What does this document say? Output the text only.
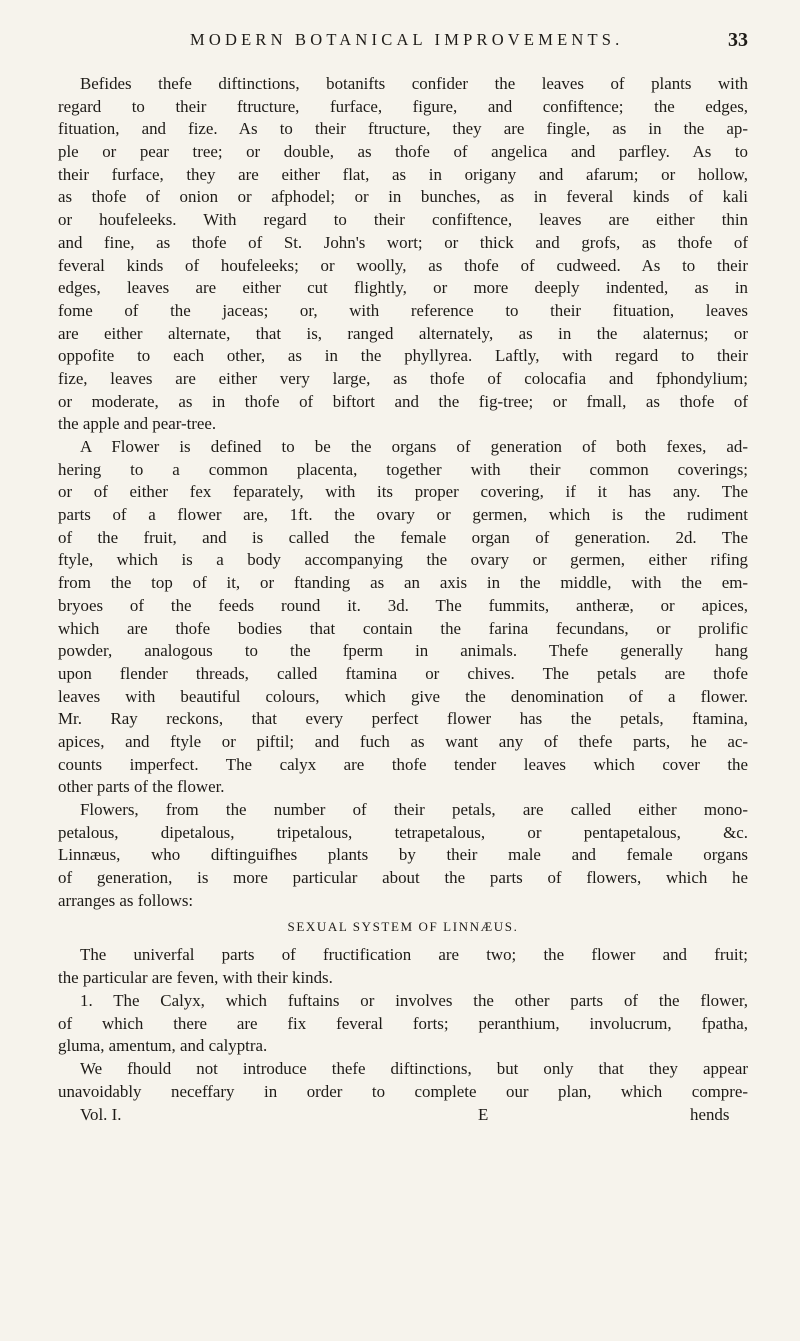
MODERN BOTANICAL IMPROVEMENTS.	33
Befides thefe diftinctions, botanifts confider the leaves of plants with
regard to their ftructure, furface, figure, and confiftence; the edges,
fituation, and fize. As to their ftructure, they are fingle, as in the ap-
ple or pear tree; or double, as thofe of angelica and parfley. As to
their furface, they are either flat, as in origany and afarum; or hollow,
as thofe of onion or afphodel; or in bunches, as in feveral kinds of kali
or houfeleeks. With regard to their confiftence, leaves are either thin
and fine, as thofe of St. John's wort; or thick and grofs, as thofe of
feveral kinds of houfeleeks; or woolly, as thofe of cudweed. As to their
edges, leaves are either cut flightly, or more deeply indented, as in
fome of the jaceas; or, with reference to their fituation, leaves
are either alternate, that is, ranged alternately, as in the alaternus; or
oppofite to each other, as in the phyllyrea. Laftly, with regard to their
fize, leaves are either very large, as thofe of colocafia and fphondylium;
or moderate, as in thofe of biftort and the fig-tree; or fmall, as thofe of
the apple and pear-tree.
A Flower is defined to be the organs of generation of both fexes, ad-
hering to a common placenta, together with their common coverings;
or of either fex feparately, with its proper covering, if it has any. The
parts of a flower are, 1ft. the ovary or germen, which is the rudiment
of the fruit, and is called the female organ of generation. 2d. The
ftyle, which is a body accompanying the ovary or germen, either rifing
from the top of it, or ftanding as an axis in the middle, with the em-
bryoes of the feeds round it. 3d. The fummits, antheræ, or apices,
which are thofe bodies that contain the farina fecundans, or prolific
powder, analogous to the fperm in animals. Thefe generally hang
upon flender threads, called ftamina or chives. The petals are thofe
leaves with beautiful colours, which give the denomination of a flower.
Mr. Ray reckons, that every perfect flower has the petals, ftamina,
apices, and ftyle or piftil; and fuch as want any of thefe parts, he ac-
counts imperfect. The calyx are thofe tender leaves which cover the
other parts of the flower.
Flowers, from the number of their petals, are called either mono-
petalous, dipetalous, tripetalous, tetrapetalous, or pentapetalous, &c.
Linnæus, who diftinguifhes plants by their male and female organs
of generation, is more particular about the parts of flowers, which he
arranges as follows:
SEXUAL SYSTEM OF LINNÆUS.
The univerfal parts of fructification are two; the flower and fruit;
the particular are feven, with their kinds.
1. The Calyx, which fuftains or involves the other parts of the flower,
of which there are fix feveral forts; peranthium, involucrum, fpatha,
gluma, amentum, and calyptra.
We fhould not introduce thefe diftinctions, but only that they appear
unavoidably neceffary in order to complete our plan, which compre-
Vol. I.	E	hends
